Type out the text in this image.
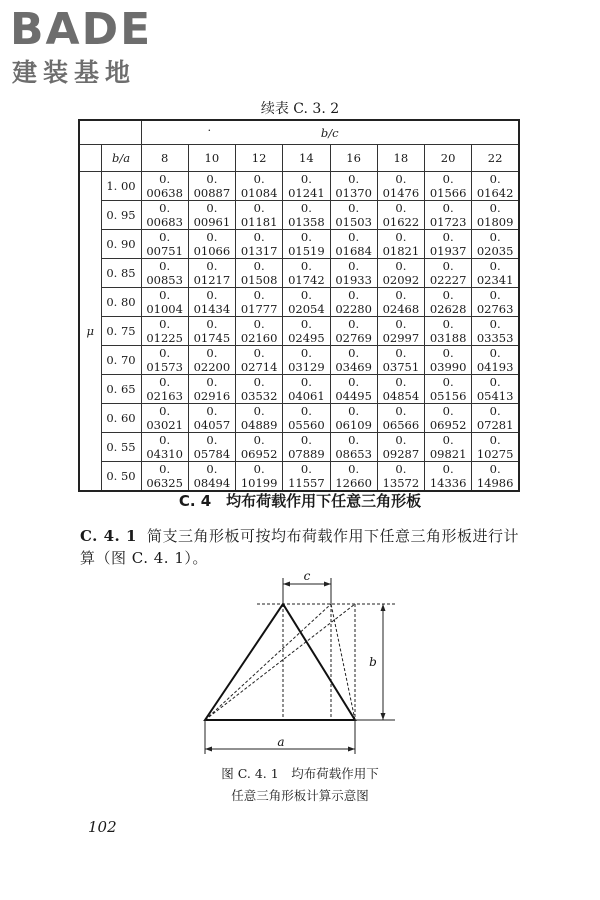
BADE
建装基地
续表 C. 3. 2

		· b/c							
	b/a	8	10	12	14	16	18	20	22
μ	1. 00	0. 00638	0. 00887	0. 01084	0. 01241	0. 01370	0. 01476	0. 01566	0. 01642
	0. 95	0. 00683	0. 00961	0. 01181	0. 01358	0. 01503	0. 01622	0. 01723	0. 01809
	0. 90	0. 00751	0. 01066	0. 01317	0. 01519	0. 01684	0. 01821	0. 01937	0. 02035
	0. 85	0. 00853	0. 01217	0. 01508	0. 01742	0. 01933	0. 02092	0. 02227	0. 02341
	0. 80	0. 01004	0. 01434	0. 01777	0. 02054	0. 02280	0. 02468	0. 02628	0. 02763
	0. 75	0. 01225	0. 01745	0. 02160	0. 02495	0. 02769	0. 02997	0. 03188	0. 03353
	0. 70	0. 01573	0. 02200	0. 02714	0. 03129	0. 03469	0. 03751	0. 03990	0. 04193
	0. 65	0. 02163	0. 02916	0. 03532	0. 04061	0. 04495	0. 04854	0. 05156	0. 05413
	0. 60	0. 03021	0. 04057	0. 04889	0. 05560	0. 06109	0. 06566	0. 06952	0. 07281
	0. 55	0. 04310	0. 05784	0. 06952	0. 07889	0. 08653	0. 09287	0. 09821	0. 10275
	0. 50	0. 06325	0. 08494	0. 10199	0. 11557	0. 12660	0. 13572	0. 14336	0. 14986
C. 4　均布荷载作用下任意三角形板
C. 4. 1 简支三角形板可按均布荷载作用下任意三角形板进行计算（图 C. 4. 1）。
c
b
a
图 C. 4. 1　均布荷载作用下
任意三角形板计算示意图
102
